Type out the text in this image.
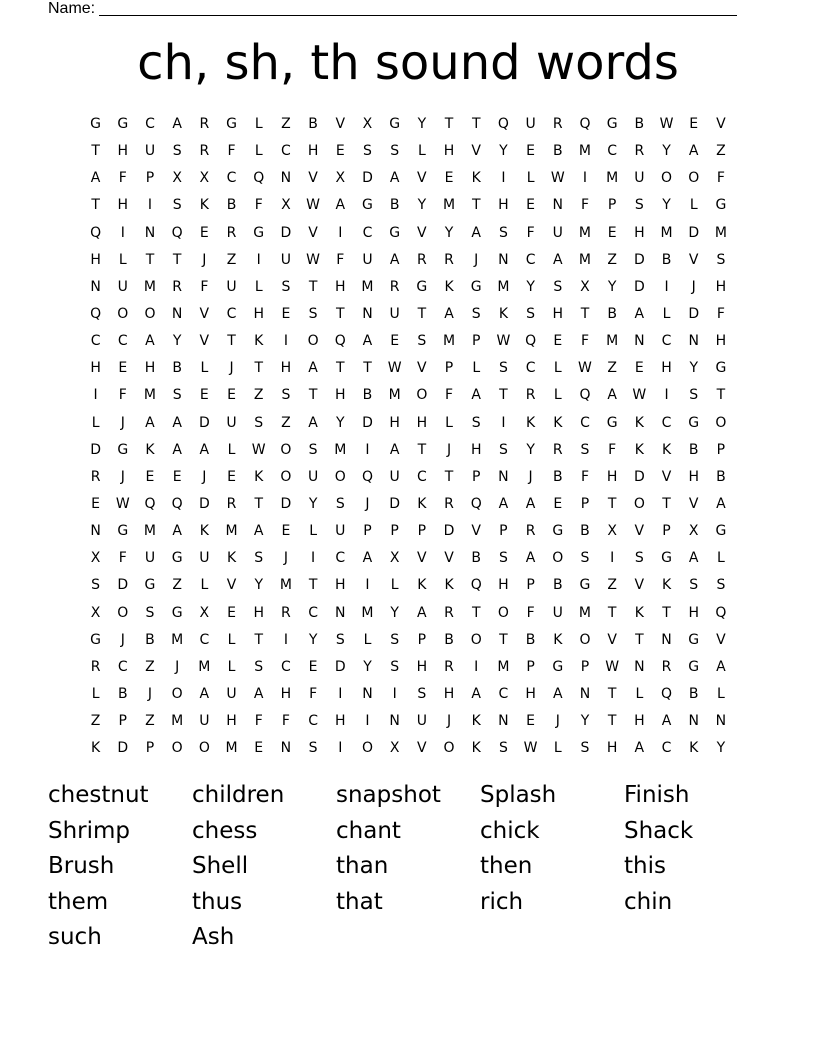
Name:
ch, sh, th sound words
G	G	C	A	R	G	L	Z	B	V	X	G	Y	T	T	Q	U	R	Q	G	B	W	E	V
T	H	U	S	R	F	L	C	H	E	S	S	L	H	V	Y	E	B	M	C	R	Y	A	Z
A	F	P	X	X	C	Q	N	V	X	D	A	V	E	K	I	L	W	I	M	U	O	O	F
T	H	I	S	K	B	F	X	W	A	G	B	Y	M	T	H	E	N	F	P	S	Y	L	G
Q	I	N	Q	E	R	G	D	V	I	C	G	V	Y	A	S	F	U	M	E	H	M	D	M
H	L	T	T	J	Z	I	U	W	F	U	A	R	R	J	N	C	A	M	Z	D	B	V	S
N	U	M	R	F	U	L	S	T	H	M	R	G	K	G	M	Y	S	X	Y	D	I	J	H
Q	O	O	N	V	C	H	E	S	T	N	U	T	A	S	K	S	H	T	B	A	L	D	F
C	C	A	Y	V	T	K	I	O	Q	A	E	S	M	P	W	Q	E	F	M	N	C	N	H
H	E	H	B	L	J	T	H	A	T	T	W	V	P	L	S	C	L	W	Z	E	H	Y	G
I	F	M	S	E	E	Z	S	T	H	B	M	O	F	A	T	R	L	Q	A	W	I	S	T
L	J	A	A	D	U	S	Z	A	Y	D	H	H	L	S	I	K	K	C	G	K	C	G	O
D	G	K	A	A	L	W	O	S	M	I	A	T	J	H	S	Y	R	S	F	K	K	B	P
R	J	E	E	J	E	K	O	U	O	Q	U	C	T	P	N	J	B	F	H	D	V	H	B
E	W	Q	Q	D	R	T	D	Y	S	J	D	K	R	Q	A	A	E	P	T	O	T	V	A
N	G	M	A	K	M	A	E	L	U	P	P	P	D	V	P	R	G	B	X	V	P	X	G
X	F	U	G	U	K	S	J	I	C	A	X	V	V	B	S	A	O	S	I	S	G	A	L
S	D	G	Z	L	V	Y	M	T	H	I	L	K	K	Q	H	P	B	G	Z	V	K	S	S
X	O	S	G	X	E	H	R	C	N	M	Y	A	R	T	O	F	U	M	T	K	T	H	Q
G	J	B	M	C	L	T	I	Y	S	L	S	P	B	O	T	B	K	O	V	T	N	G	V
R	C	Z	J	M	L	S	C	E	D	Y	S	H	R	I	M	P	G	P	W	N	R	G	A
L	B	J	O	A	U	A	H	F	I	N	I	S	H	A	C	H	A	N	T	L	Q	B	L
Z	P	Z	M	U	H	F	F	C	H	I	N	U	J	K	N	E	J	Y	T	H	A	N	N
K	D	P	O	O	M	E	N	S	I	O	X	V	O	K	S	W	L	S	H	A	C	K	Y
chestnut	children	snapshot	Splash	Finish
Shrimp	chess	chant	chick	Shack
Brush	Shell	than	then	this
them	thus	that	rich	chin
such	Ash
